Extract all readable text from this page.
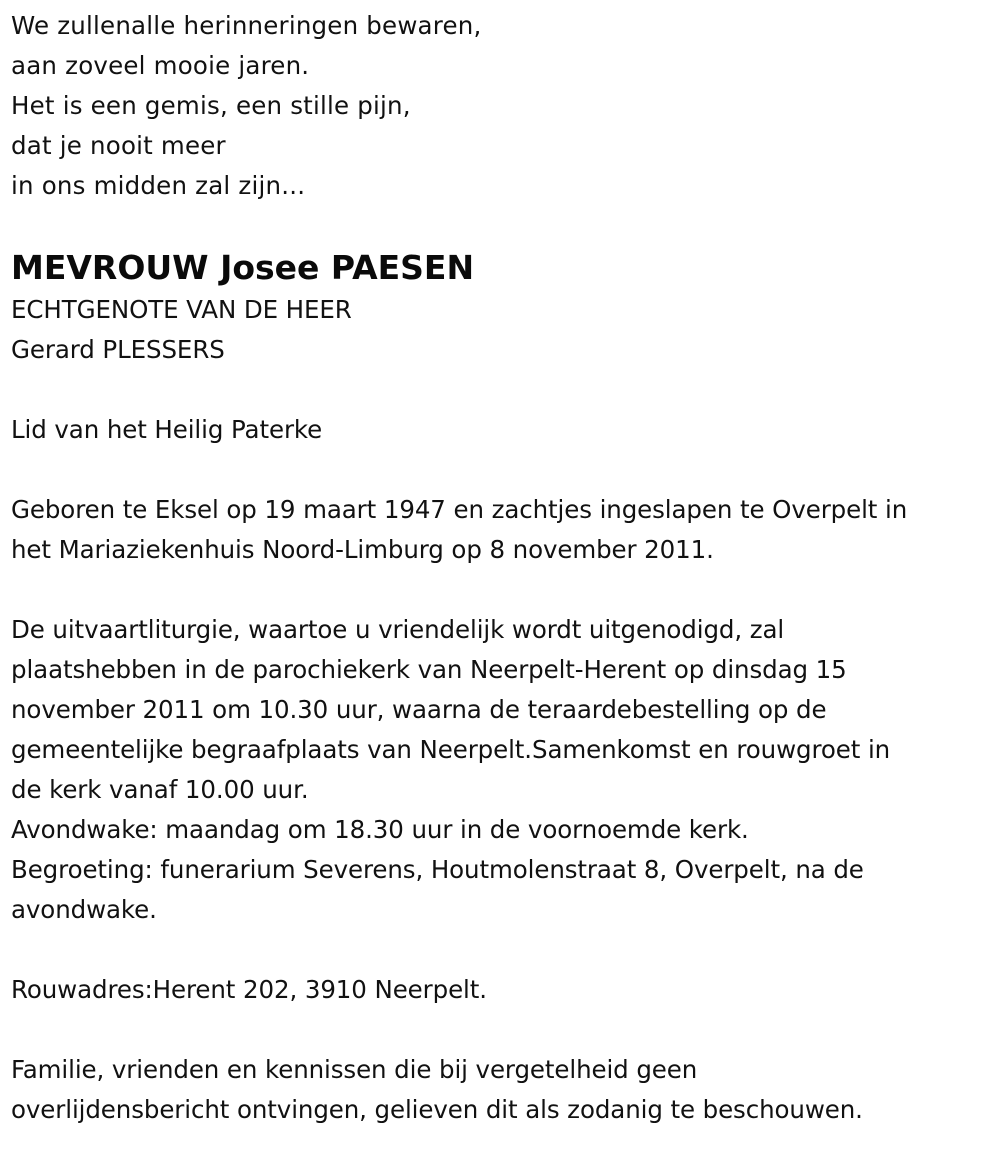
We zullenalle herinneringen bewaren,
aan zoveel mooie jaren.
Het is een gemis, een stille pijn,
dat je nooit meer
in ons midden zal zijn...
MEVROUW Josee PAESEN
ECHTGENOTE VAN DE HEER
Gerard PLESSERS
Lid van het Heilig Paterke
Geboren te Eksel op 19 maart 1947 en zachtjes ingeslapen te Overpelt in
het Mariaziekenhuis Noord-Limburg op 8 november 2011.
De uitvaartliturgie, waartoe u vriendelijk wordt uitgenodigd, zal
plaatshebben in de parochiekerk van Neerpelt-Herent op dinsdag 15
november 2011 om 10.30 uur, waarna de teraardebestelling op de
gemeentelijke begraafplaats van Neerpelt.Samenkomst en rouwgroet in
de kerk vanaf 10.00 uur.
Avondwake: maandag om 18.30 uur in de voornoemde kerk.
Begroeting: funerarium Severens, Houtmolenstraat 8, Overpelt, na de
avondwake.
Rouwadres:Herent 202, 3910 Neerpelt.
Familie, vrienden en kennissen die bij vergetelheid geen
overlijdensbericht ontvingen, gelieven dit als zodanig te beschouwen.
